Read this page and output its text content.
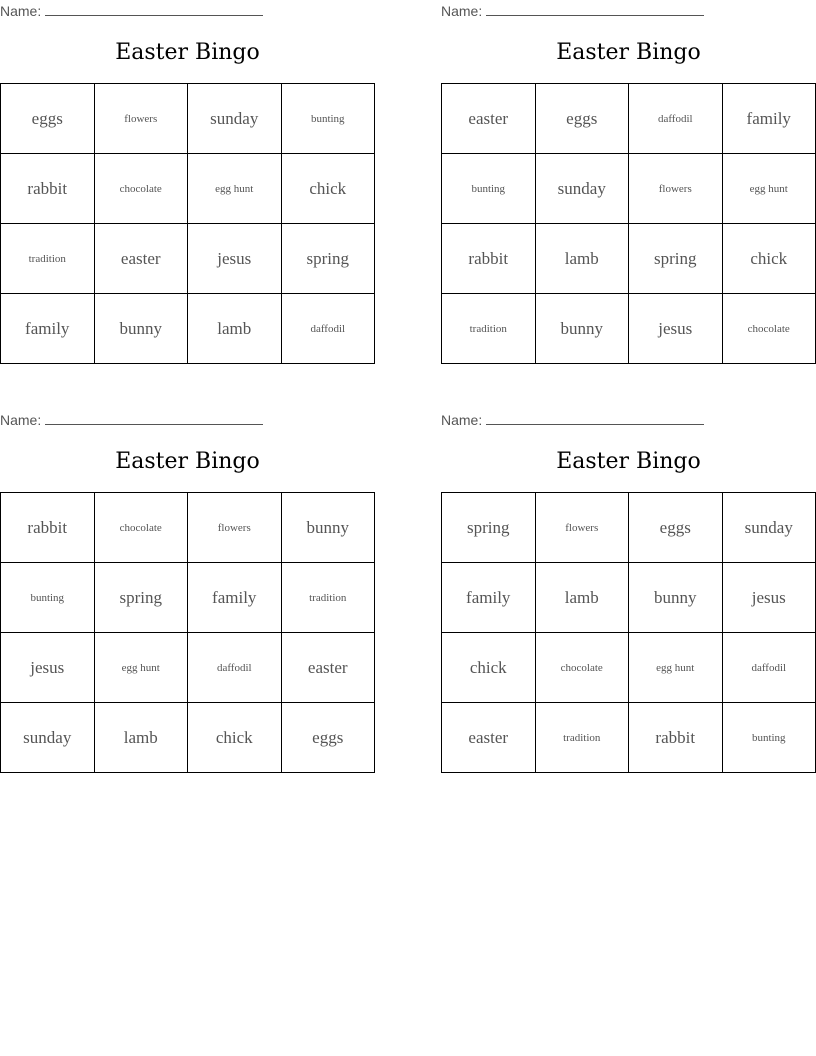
Name:
Easter Bingo
eggs	flowers	sunday	bunting
rabbit	chocolate	egg hunt	chick
tradition	easter	jesus	spring
family	bunny	lamb	daffodil
Name:
Easter Bingo
easter	eggs	daffodil	family
bunting	sunday	flowers	egg hunt
rabbit	lamb	spring	chick
tradition	bunny	jesus	chocolate
Name:
Easter Bingo
rabbit	chocolate	flowers	bunny
bunting	spring	family	tradition
jesus	egg hunt	daffodil	easter
sunday	lamb	chick	eggs
Name:
Easter Bingo
spring	flowers	eggs	sunday
family	lamb	bunny	jesus
chick	chocolate	egg hunt	daffodil
easter	tradition	rabbit	bunting
